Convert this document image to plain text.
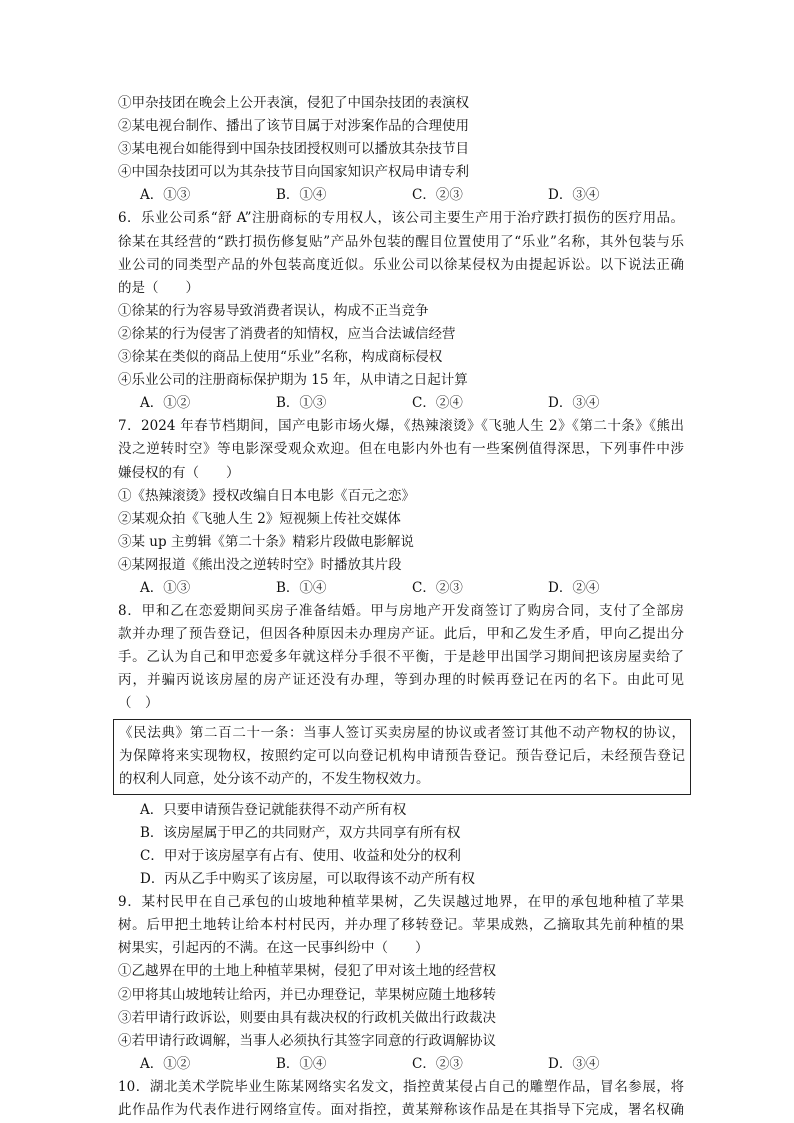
①甲杂技团在晚会上公开表演，侵犯了中国杂技团的表演权
②某电视台制作、播出了该节目属于对涉案作品的合理使用
③某电视台如能得到中国杂技团授权则可以播放其杂技节目
④中国杂技团可以为其杂技节目向国家知识产权局申请专利
A．①③	B．①④	C．②③	D．③④
6．乐业公司系“舒 A”注册商标的专用权人，该公司主要生产用于治疗跌打损伤的医疗用品。
徐某在其经营的“跌打损伤修复贴”产品外包装的醒目位置使用了“乐业”名称，其外包装与乐
业公司的同类型产品的外包装高度近似。乐业公司以徐某侵权为由提起诉讼。以下说法正确
的是（　　）
①徐某的行为容易导致消费者误认，构成不正当竞争
②徐某的行为侵害了消费者的知情权，应当合法诚信经营
③徐某在类似的商品上使用“乐业”名称，构成商标侵权
④乐业公司的注册商标保护期为 15 年，从申请之日起计算
A．①②	B．①③	C．②④	D．③④
7．2024 年春节档期间，国产电影市场火爆，《热辣滚烫》《飞驰人生 2》《第二十条》《熊出
没之逆转时空》等电影深受观众欢迎。但在电影内外也有一些案例值得深思，下列事件中涉
嫌侵权的有（　　）
①《热辣滚烫》授权改编自日本电影《百元之恋》
②某观众拍《飞驰人生 2》短视频上传社交媒体
③某 up 主剪辑《第二十条》精彩片段做电影解说
④某网报道《熊出没之逆转时空》时播放其片段
A．①③	B．①④	C．②③	D．②④
8．甲和乙在恋爱期间买房子准备结婚。甲与房地产开发商签订了购房合同，支付了全部房
款并办理了预告登记，但因各种原因未办理房产证。此后，甲和乙发生矛盾，甲向乙提出分
手。乙认为自己和甲恋爱多年就这样分手很不平衡，于是趁甲出国学习期间把该房屋卖给了
丙，并骗丙说该房屋的房产证还没有办理，等到办理的时候再登记在丙的名下。由此可见
（　）
《民法典》第二百二十一条：当事人签订买卖房屋的协议或者签订其他不动产物权的协议，
为保障将来实现物权，按照约定可以向登记机构申请预告登记。预告登记后，未经预告登记
的权利人同意，处分该不动产的，不发生物权效力。
A．只要申请预告登记就能获得不动产所有权
B．该房屋属于甲乙的共同财产，双方共同享有所有权
C．甲对于该房屋享有占有、使用、收益和处分的权利
D．丙从乙手中购买了该房屋，可以取得该不动产所有权
9．某村民甲在自己承包的山坡地种植苹果树，乙失误越过地界，在甲的承包地种植了苹果
树。后甲把土地转让给本村村民丙，并办理了移转登记。苹果成熟，乙摘取其先前种植的果
树果实，引起丙的不满。在这一民事纠纷中（　　）
①乙越界在甲的土地上种植苹果树，侵犯了甲对该土地的经营权
②甲将其山坡地转让给丙，并已办理登记，苹果树应随土地移转
③若甲请行政诉讼，则要由具有裁决权的行政机关做出行政裁决
④若甲请行政调解，当事人必须执行其签字同意的行政调解协议
A．①②	B．①④	C．②③	D．③④
10．湖北美术学院毕业生陈某网络实名发文，指控黄某侵占自己的雕塑作品，冒名参展，将
此作品作为代表作进行网络宣传。面对指控，黄某辩称该作品是在其指导下完成，署名权确
